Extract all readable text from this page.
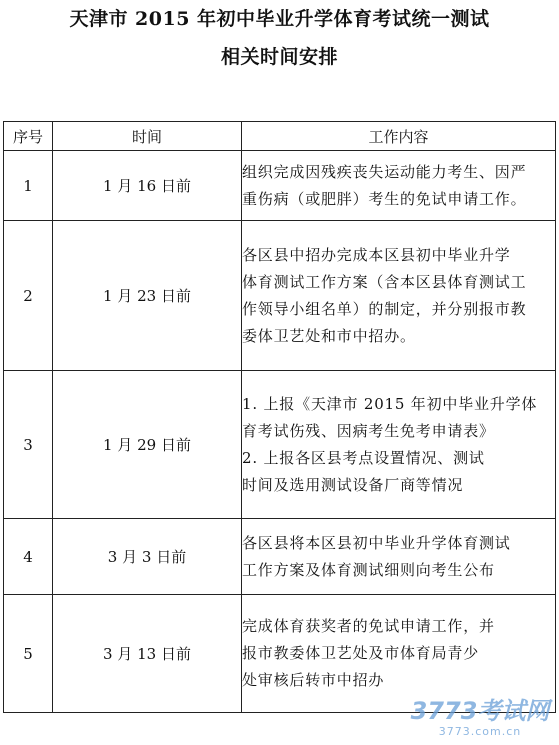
天津市 2015 年初中毕业升学体育考试统一测试
相关时间安排
序号	时间	工作内容
1	1 月 16 日前	组织完成因残疾丧失运动能力考生、因严
重伤病（或肥胖）考生的免试申请工作。

2	1 月 23 日前	各区县中招办完成本区县初中毕业升学
体育测试工作方案（含本区县体育测试工
作领导小组名单）的制定，并分别报市教
委体卫艺处和市中招办。

3	1 月 29 日前	1. 上报《天津市 2015 年初中毕业升学体
育考试伤残、因病考生免考申请表》
2. 上报各区县考点设置情况、测试
时间及选用测试设备厂商等情况

4	3 月 3 日前	各区县将本区县初中毕业升学体育测试
工作方案及体育测试细则向考生公布

5	3 月 13 日前	完成体育获奖者的免试申请工作，并
报市教委体卫艺处及市体育局青少
处审核后转市中招办
3773考试网
3773.com.cn
